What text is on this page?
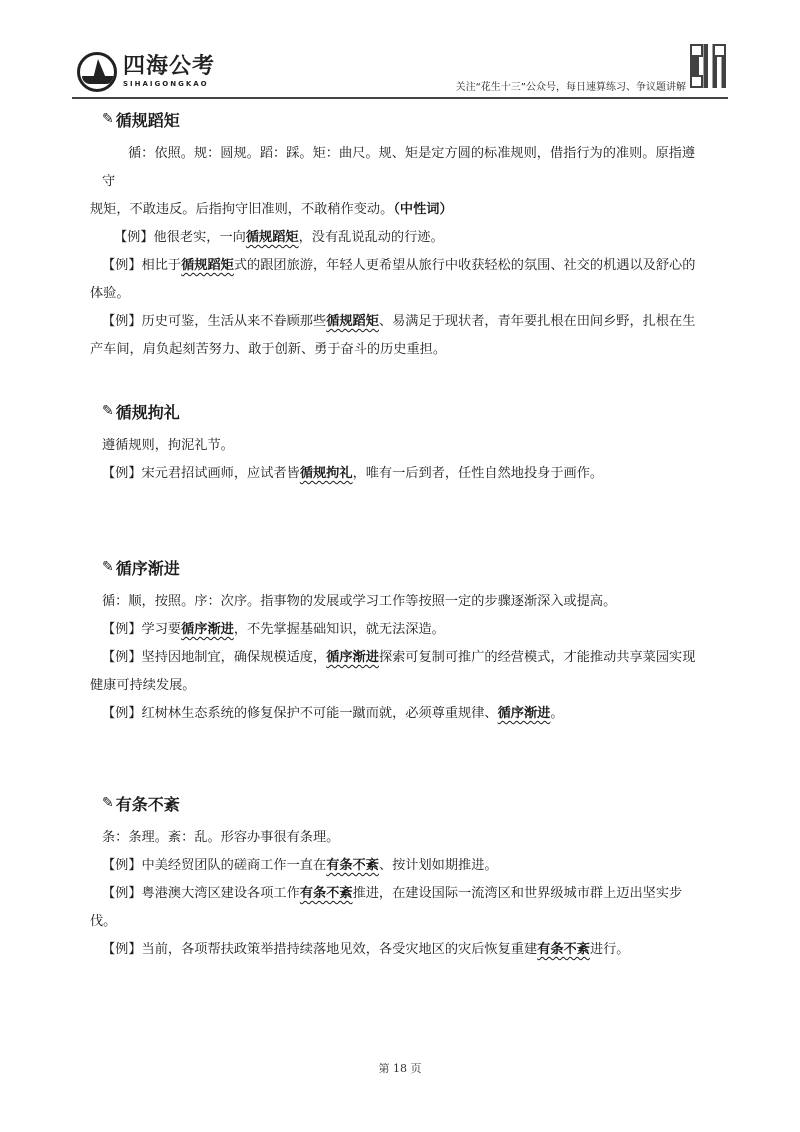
四海公考
SIHAIGONGKAO	关注“花生十三”公众号，每日速算练习、争议题讲解
✎ 循规蹈矩

循：依照。规：圆规。蹈：踩。矩：曲尺。规、矩是定方圆的标准规则，借指行为的准则。原指遵守

规矩，不敢违反。后指拘守旧准则，不敢稍作变动。（中性词）

【例】他很老实，一向循规蹈矩，没有乱说乱动的行迹。

【例】相比于循规蹈矩式的跟团旅游，年轻人更希望从旅行中收获轻松的氛围、社交的机遇以及舒心的体验。

【例】历史可鉴，生活从来不眷顾那些循规蹈矩、易满足于现状者，青年要扎根在田间乡野，扎根在生产车间，肩负起刻苦努力、敢于创新、勇于奋斗的历史重担。

✎ 循规拘礼

遵循规则，拘泥礼节。

【例】宋元君招试画师，应试者皆循规拘礼，唯有一后到者，任性自然地投身于画作。

✎ 循序渐进

循：顺，按照。序：次序。指事物的发展或学习工作等按照一定的步骤逐渐深入或提高。

【例】学习要循序渐进，不先掌握基础知识，就无法深造。

【例】坚持因地制宜，确保规模适度，循序渐进探索可复制可推广的经营模式，才能推动共享菜园实现健康可持续发展。

【例】红树林生态系统的修复保护不可能一蹴而就，必须尊重规律、循序渐进。

✎ 有条不紊

条：条理。紊：乱。形容办事很有条理。

【例】中美经贸团队的磋商工作一直在有条不紊、按计划如期推进。

【例】粤港澳大湾区建设各项工作有条不紊推进，在建设国际一流湾区和世界级城市群上迈出坚实步伐。

【例】当前，各项帮扶政策举措持续落地见效，各受灾地区的灾后恢复重建有条不紊进行。

第 18 页
